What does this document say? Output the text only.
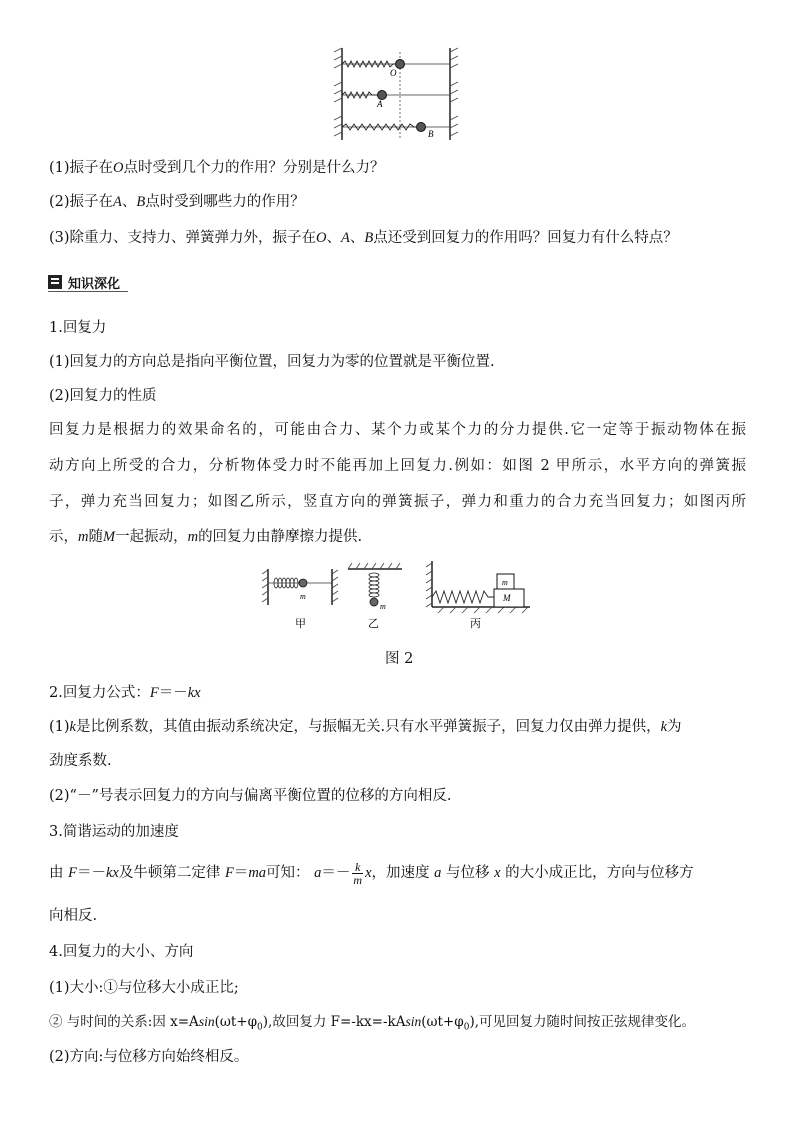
O
A
B
(1)振子在O点时受到几个力的作用？分别是什么力？
(2)振子在A、B点时受到哪些力的作用？
(3)除重力、支持力、弹簧弹力外，振子在O、A、B点还受到回复力的作用吗？回复力有什么特点？
知识深化
1.回复力
(1)回复力的方向总是指向平衡位置，回复力为零的位置就是平衡位置.
(2)回复力的性质
回复力是根据力的效果命名的，可能由合力、某个力或某个力的分力提供.它一定等于振动物体在振
动方向上所受的合力，分析物体受力时不能再加上回复力.例如：如图 2 甲所示，水平方向的弹簧振
子，弹力充当回复力；如图乙所示，竖直方向的弹簧振子，弹力和重力的合力充当回复力；如图丙所
示，m随M一起振动，m的回复力由静摩擦力提供.
m
m
M
m
甲	乙	丙
图 2
2.回复力公式：F＝－kx
(1)k是比例系数，其值由振动系统决定，与振幅无关.只有水平弹簧振子，回复力仅由弹力提供，k为
劲度系数.
(2)“－”号表示回复力的方向与偏离平衡位置的位移的方向相反.
3.简谐运动的加速度
由 F＝－kx及牛顿第二定律 F＝ma可知： $a=- \frac{k}{m}$ x，加速度 a 与位移 x 的大小成正比，方向与位移方
向相反.
4.回复力的大小、方向
(1)大小:①与位移大小成正比;
② 与时间的关系:因 $x=Asin(\omega t+\varphi_0)$,故回复力 $F=-kx=-kAsin(\omega t+\varphi_0)$,可见回复力随时间按正弦规律变化。
(2)方向:与位移方向始终相反。
